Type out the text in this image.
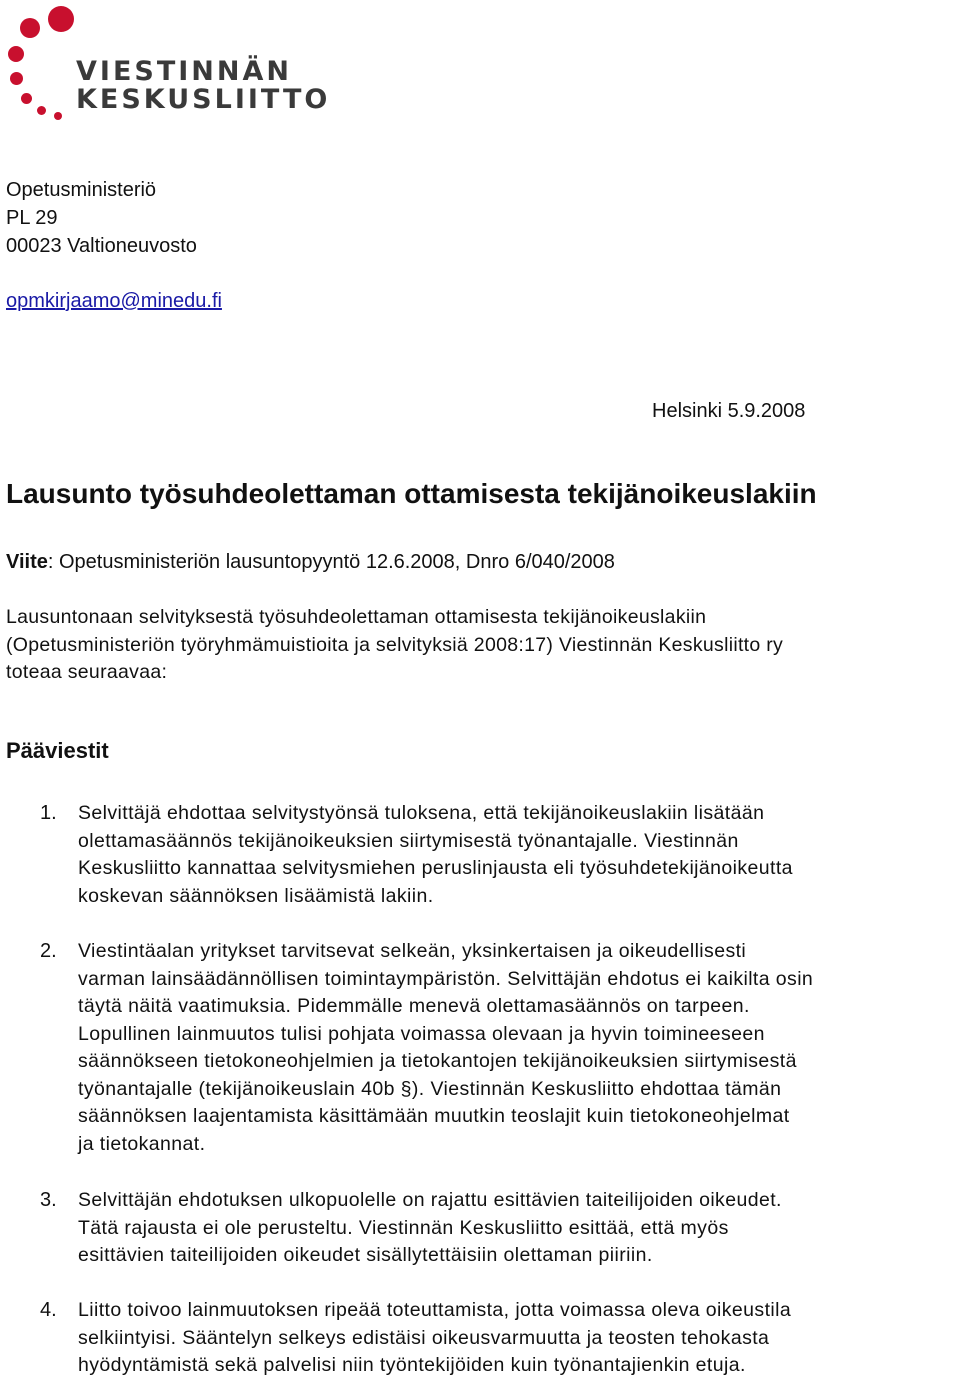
VIESTINNÄN
KESKUSLIITTO
Opetusministeriö
PL 29
00023 Valtioneuvosto
opmkirjaamo@minedu.fi
Helsinki 5.9.2008
Lausunto työsuhdeolettaman ottamisesta tekijänoikeuslakiin
Viite: Opetusministeriön lausuntopyyntö 12.6.2008, Dnro 6/040/2008
Lausuntonaan selvityksestä työsuhdeolettaman ottamisesta tekijänoikeuslakiin
(Opetusministeriön työryhmämuistioita ja selvityksiä 2008:17) Viestinnän Keskusliitto ry
toteaa seuraavaa:
Pääviestit
1. Selvittäjä ehdottaa selvitystyönsä tuloksena, että tekijänoikeuslakiin lisätään
olettamasäännös tekijänoikeuksien siirtymisestä työnantajalle. Viestinnän
Keskusliitto kannattaa selvitysmiehen peruslinjausta eli työsuhdetekijänoikeutta
koskevan säännöksen lisäämistä lakiin.
2. Viestintäalan yritykset tarvitsevat selkeän, yksinkertaisen ja oikeudellisesti
varman lainsäädännöllisen toimintaympäristön. Selvittäjän ehdotus ei kaikilta osin
täytä näitä vaatimuksia. Pidemmälle menevä olettamasäännös on tarpeen.
Lopullinen lainmuutos tulisi pohjata voimassa olevaan ja hyvin toimineeseen
säännökseen tietokoneohjelmien ja tietokantojen tekijänoikeuksien siirtymisestä
työnantajalle (tekijänoikeuslain 40b §). Viestinnän Keskusliitto ehdottaa tämän
säännöksen laajentamista käsittämään muutkin teoslajit kuin tietokoneohjelmat
ja tietokannat.
3. Selvittäjän ehdotuksen ulkopuolelle on rajattu esittävien taiteilijoiden oikeudet.
Tätä rajausta ei ole perusteltu. Viestinnän Keskusliitto esittää, että myös
esittävien taiteilijoiden oikeudet sisällytettäisiin olettaman piiriin.
4. Liitto toivoo lainmuutoksen ripeää toteuttamista, jotta voimassa oleva oikeustila
selkiintyisi. Sääntelyn selkeys edistäisi oikeusvarmuutta ja teosten tehokasta
hyödyntämistä sekä palvelisi niin työntekijöiden kuin työnantajienkin etuja.
